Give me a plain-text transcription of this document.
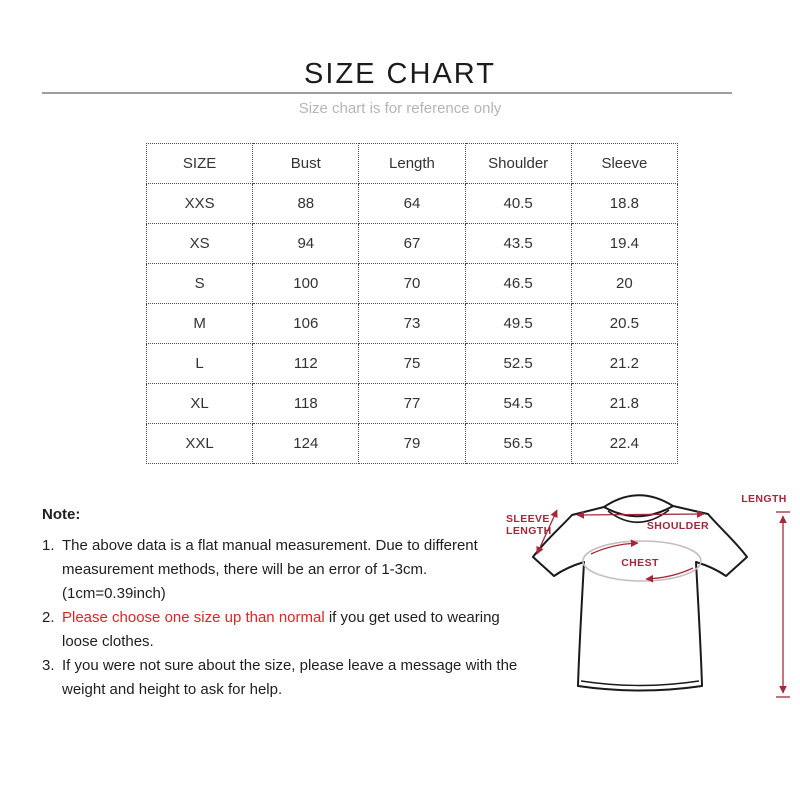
SIZE CHART
Size chart is for reference only
SIZE	Bust	Length	Shoulder	Sleeve
XXS	88	64	40.5	18.8
XS	94	67	43.5	19.4
S	100	70	46.5	20
M	106	73	49.5	20.5
L	112	75	52.5	21.2
XL	118	77	54.5	21.8
XXL	124	79	56.5	22.4
Note:
1. The above data is a flat manual measurement. Due to different measurement methods, there will be an error of 1-3cm. (1cm=0.39inch)
2. Please choose one size up than normal if you get used to wearing loose clothes.
3. If you were not sure about the size, please leave a message with the weight and height to ask for help.
SLEEVE
LENGTH	SHOULDER
CHEST
LENGTH
